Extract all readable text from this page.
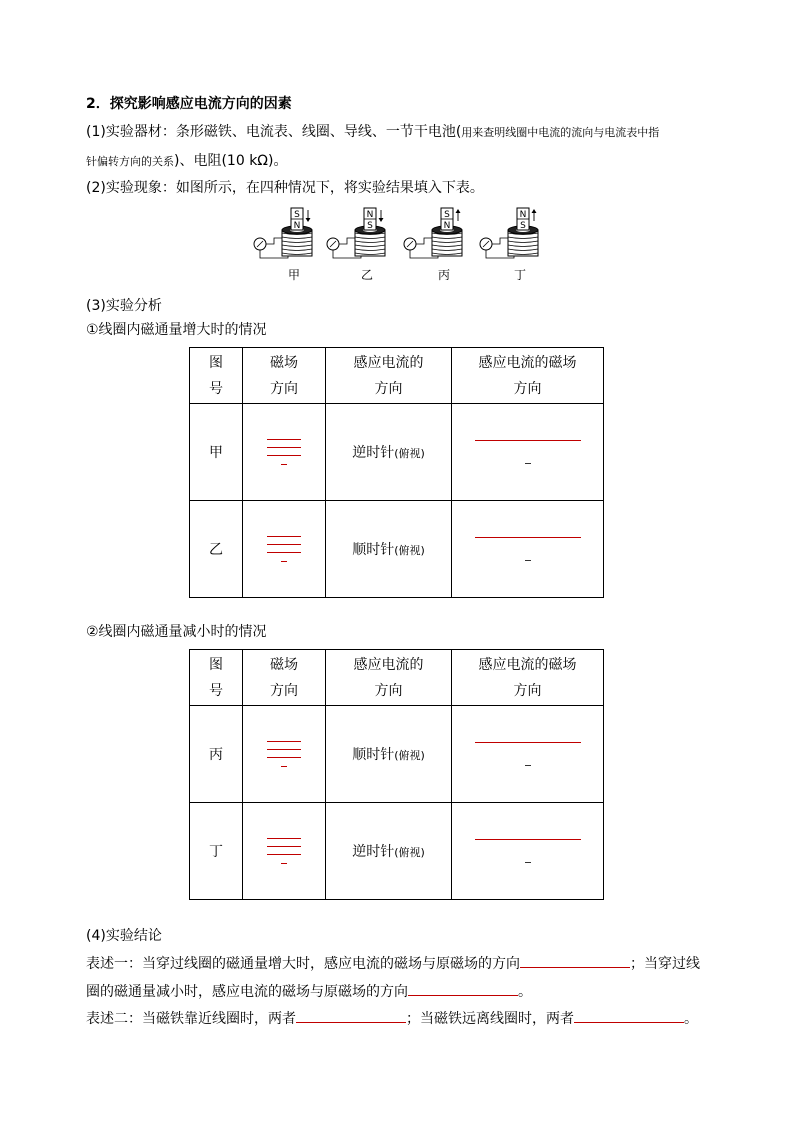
2．探究影响感应电流方向的因素
(1)实验器材：条形磁铁、电流表、线圈、导线、一节干电池(用来查明线圈中电流的流向与电流表中指
针偏转方向的关系)、电阻(10 kΩ)。
(2)实验现象：如图所示，在四种情况下，将实验结果填入下表。
S
N
甲
N
S
乙
S
N
丙
N
S
丁
(3)实验分析
①线圈内磁通量增大时的情况
图
号	磁场
方向	感应电流的
方向	感应电流的磁场
方向
甲		逆时针(俯视)	

乙		顺时针(俯视)	
②线圈内磁通量减小时的情况
图
号	磁场
方向	感应电流的
方向	感应电流的磁场
方向
丙		顺时针(俯视)	

丁		逆时针(俯视)	
(4)实验结论
表述一：当穿过线圈的磁通量增大时，感应电流的磁场与原磁场的方向	；当穿过线
圈的磁通量减小时，感应电流的磁场与原磁场的方向	。
表述二：当磁铁靠近线圈时，两者	；当磁铁远离线圈时，两者	。
